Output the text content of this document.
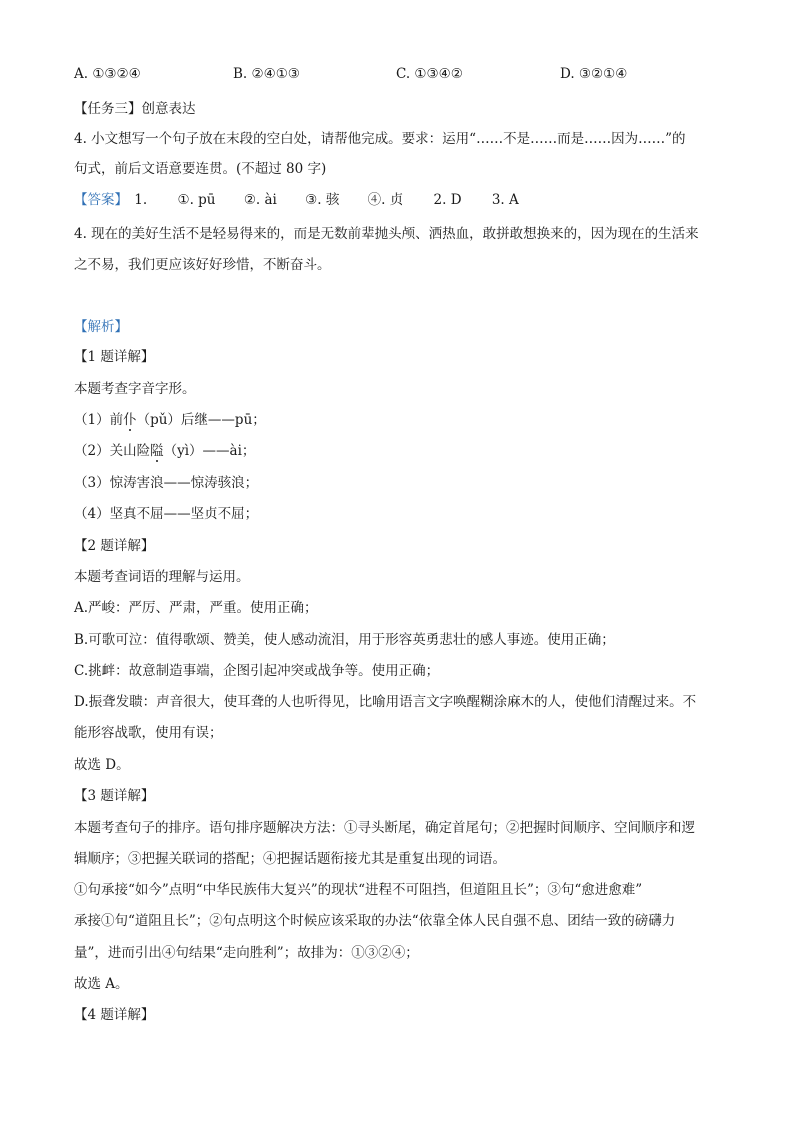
A. ①③②④	B. ②④①③	C. ①③④②	D. ③②①④
【任务三】创意表达
4. 小文想写一个句子放在末段的空白处，请帮他完成。要求：运用“……不是……而是……因为……”的
句式，前后文语意要连贯。(不超过 80 字)
【答案】 1. ①. pū ②. ài ③. 骇 ④. 贞 2. D 3. A
4. 现在的美好生活不是轻易得来的，而是无数前辈抛头颅、洒热血，敢拼敢想换来的，因为现在的生活来
之不易，我们更应该好好珍惜，不断奋斗。
【解析】
【1 题详解】
本题考查字音字形。
（1）前仆（pǔ）后继——pū；
（2）关山险隘（yì）——ài；
（3）惊涛害浪——惊涛骇浪；
（4）坚真不屈——坚贞不屈；
【2 题详解】
本题考查词语的理解与运用。
A.严峻：严厉、严肃，严重。使用正确；
B.可歌可泣：值得歌颂、赞美，使人感动流泪，用于形容英勇悲壮的感人事迹。使用正确；
C.挑衅：故意制造事端，企图引起冲突或战争等。使用正确；
D.振聋发聩：声音很大，使耳聋的人也听得见，比喻用语言文字唤醒糊涂麻木的人，使他们清醒过来。不
能形容战歌，使用有误；
故选 D。
【3 题详解】
本题考查句子的排序。语句排序题解决方法：①寻头断尾，确定首尾句；②把握时间顺序、空间顺序和逻
辑顺序；③把握关联词的搭配；④把握话题衔接尤其是重复出现的词语。
①句承接“如今”点明“中华民族伟大复兴”的现状“进程不可阻挡，但道阻且长”；③句“愈进愈难”
承接①句“道阻且长”；②句点明这个时候应该采取的办法“依靠全体人民自强不息、团结一致的磅礴力
量”，进而引出④句结果“走向胜利”；故排为：①③②④；
故选 A。
【4 题详解】
